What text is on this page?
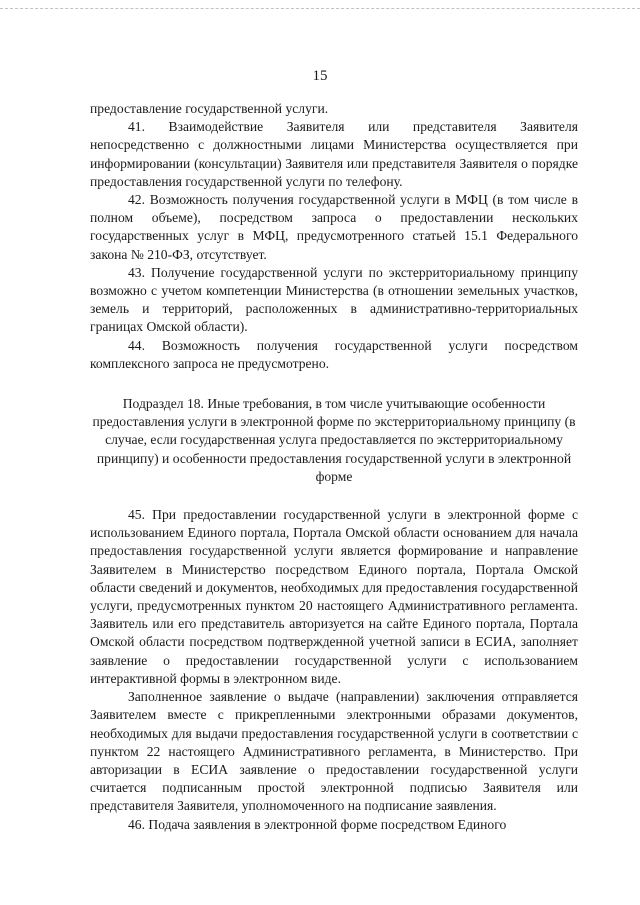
15

предоставление государственной услуги.

41. Взаимодействие Заявителя или представителя Заявителя непосредственно с должностными лицами Министерства осуществляется при информировании (консультации) Заявителя или представителя Заявителя о порядке предоставления государственной услуги по телефону.

42. Возможность получения государственной услуги в МФЦ (в том числе в полном объеме), посредством запроса о предоставлении нескольких государственных услуг в МФЦ, предусмотренного статьей 15.1 Федерального закона № 210-ФЗ, отсутствует.

43. Получение государственной услуги по экстерриториальному принципу возможно с учетом компетенции Министерства (в отношении земельных участков, земель и территорий, расположенных в административно-территориальных границах Омской области).

44. Возможность получения государственной услуги посредством комплексного запроса не предусмотрено.

Подраздел 18. Иные требования, в том числе учитывающие особенности предоставления услуги в электронной форме по экстерриториальному принципу (в случае, если государственная услуга предоставляется по экстерриториальному принципу) и особенности предоставления государственной услуги в электронной форме

45. При предоставлении государственной услуги в электронной форме с использованием Единого портала, Портала Омской области основанием для начала предоставления государственной услуги является формирование и направление Заявителем в Министерство посредством Единого портала, Портала Омской области сведений и документов, необходимых для предоставления государственной услуги, предусмотренных пунктом 20 настоящего Административного регламента. Заявитель или его представитель авторизуется на сайте Единого портала, Портала Омской области посредством подтвержденной учетной записи в ЕСИА, заполняет заявление о предоставлении государственной услуги с использованием интерактивной формы в электронном виде.

Заполненное заявление о выдаче (направлении) заключения отправляется Заявителем вместе с прикрепленными электронными образами документов, необходимых для выдачи предоставления государственной услуги в соответствии с пунктом 22 настоящего Административного регламента, в Министерство. При авторизации в ЕСИА заявление о предоставлении государственной услуги считается подписанным простой электронной подписью Заявителя или представителя Заявителя, уполномоченного на подписание заявления.

46. Подача заявления в электронной форме посредством Единого
